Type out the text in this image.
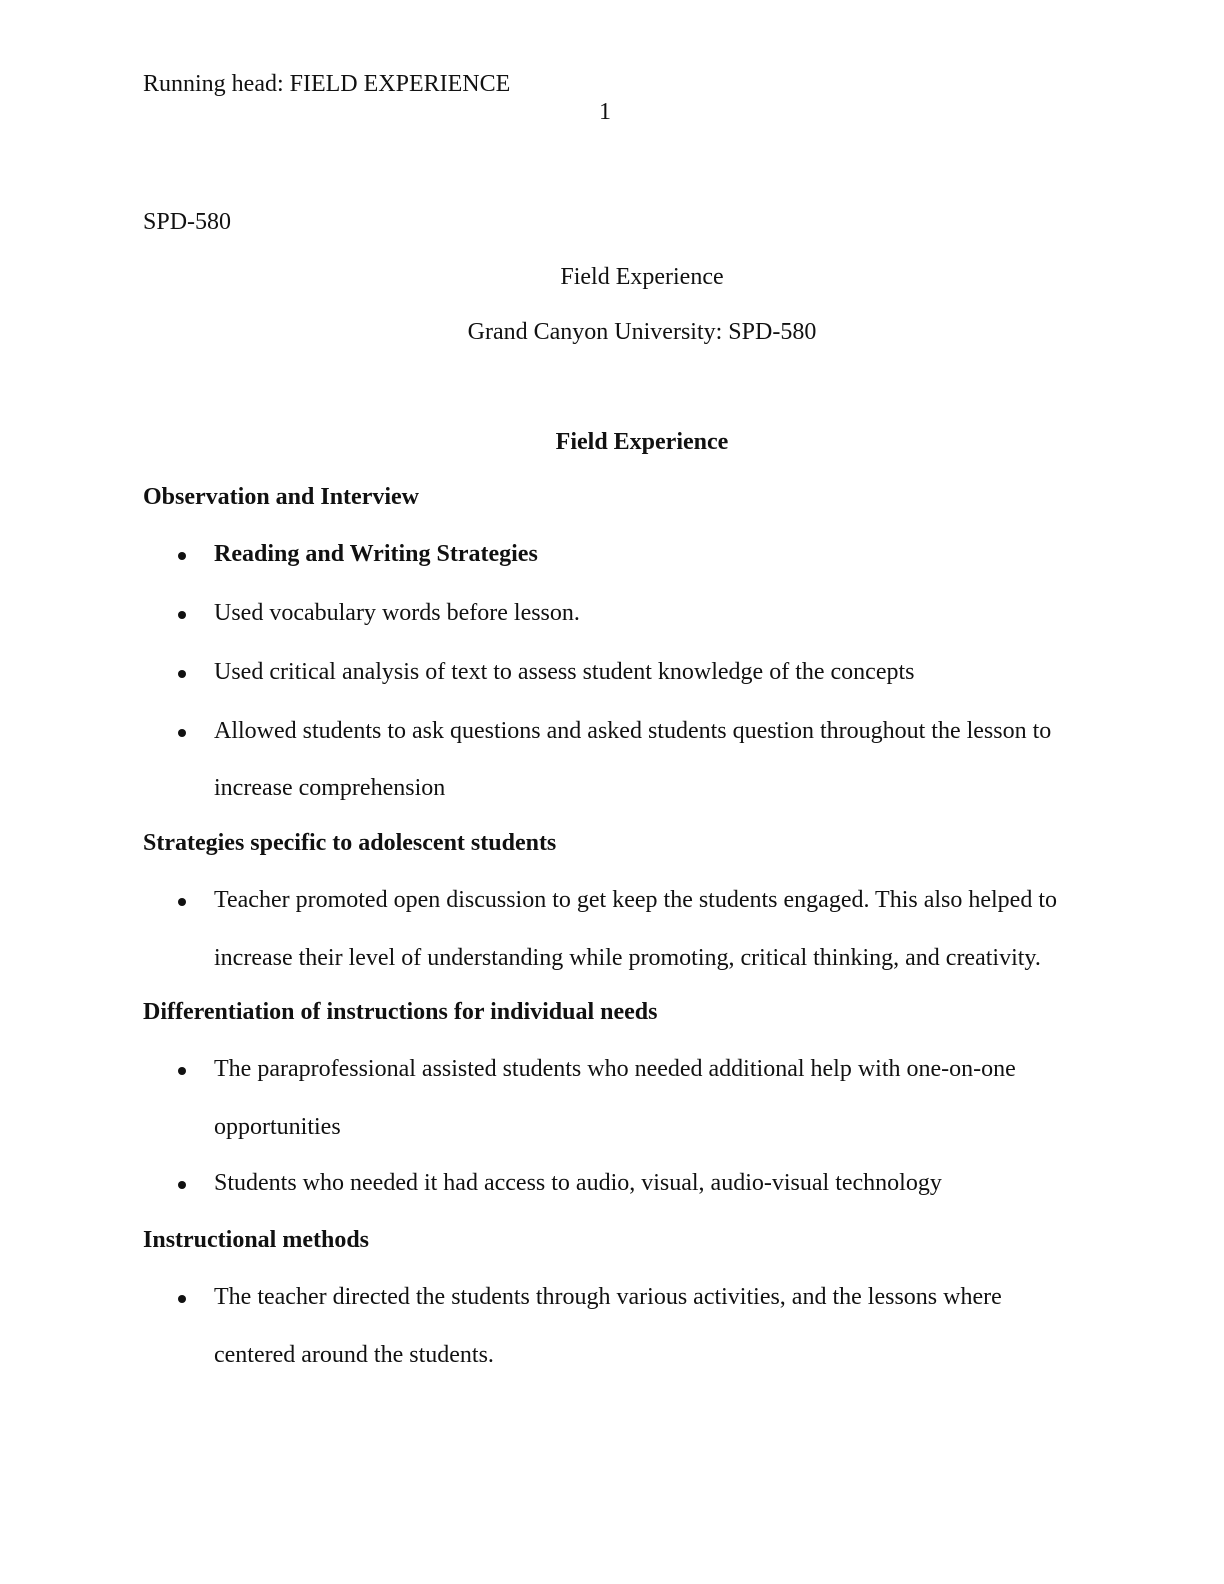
Running head: FIELD EXPERIENCE
1
SPD-580
Field Experience
Grand Canyon University: SPD-580
Field Experience
Observation and Interview
Reading and Writing Strategies
Used vocabulary words before lesson.
Used critical analysis of text to assess student knowledge of the concepts
Allowed students to ask questions and asked students question throughout the lesson to
increase comprehension
Strategies specific to adolescent students
Teacher promoted open discussion to get keep the students engaged. This also helped to
increase their level of understanding while promoting, critical thinking, and creativity.
Differentiation of instructions for individual needs
The paraprofessional assisted students who needed additional help with one-on-one
opportunities
Students who needed it had access to audio, visual, audio-visual technology
Instructional methods
The teacher directed the students through various activities, and the lessons where
centered around the students.
